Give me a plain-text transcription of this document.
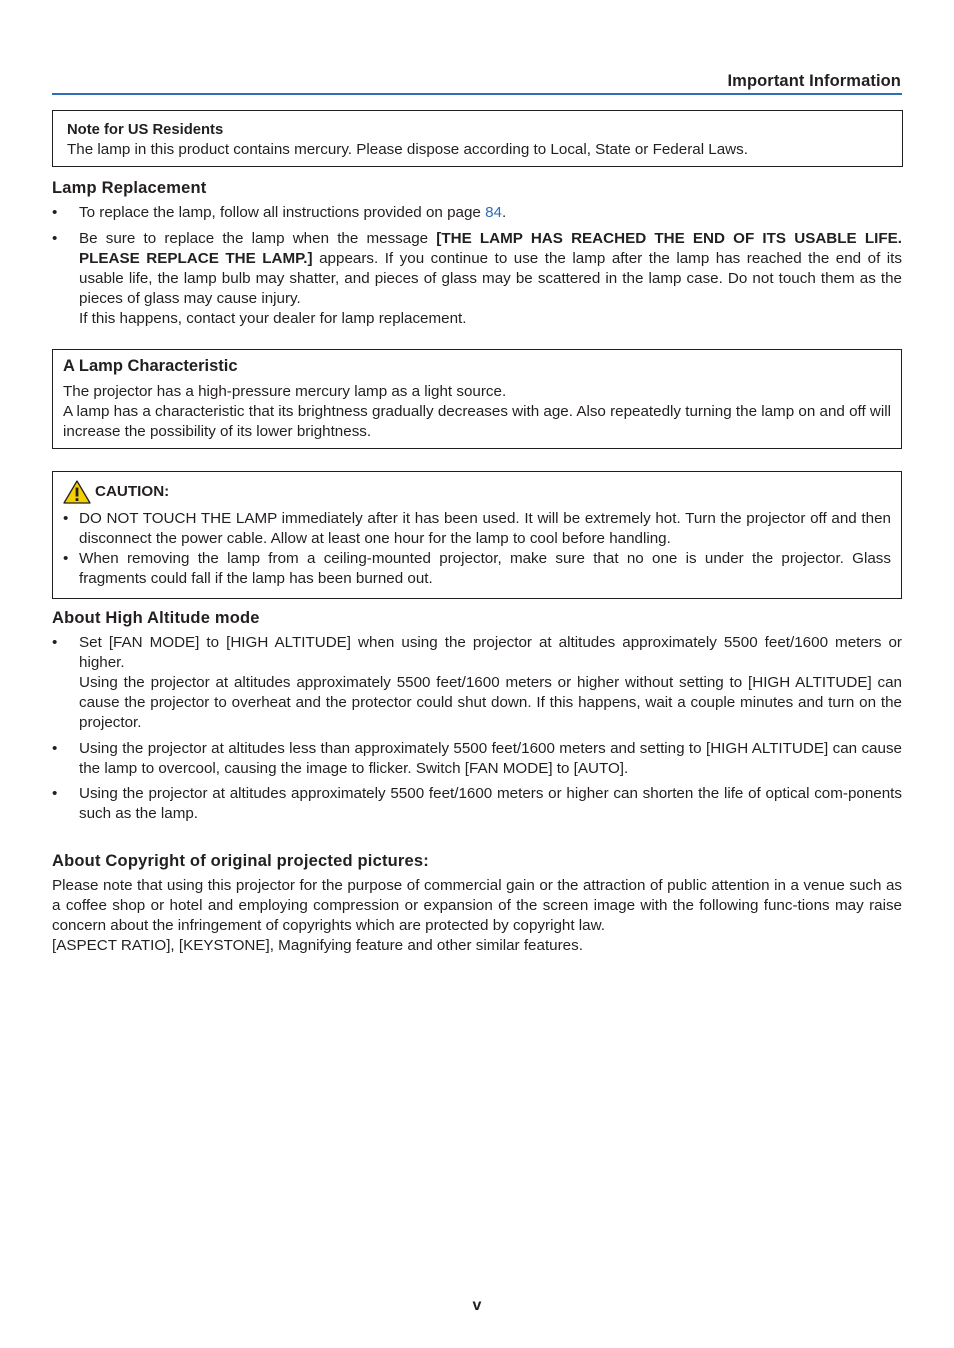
Important Information

Note for US Residents

The lamp in this product contains mercury. Please dispose according to Local, State or Federal Laws.

Lamp Replacement
•	To replace the lamp, follow all instructions provided on page 84.
•	Be sure to replace the lamp when the message [THE LAMP HAS REACHED THE END OF ITS USABLE LIFE.

PLEASE REPLACE THE LAMP.] appears. If you continue to use the lamp after the lamp has reached the end of its usable life, the lamp bulb may shatter, and pieces of glass may be scattered in the lamp case. Do not touch them as the pieces of glass may cause injury.

If this happens, contact your dealer for lamp replacement.

A Lamp Characteristic

The projector has a high-pressure mercury lamp as a light source.

A lamp has a characteristic that its brightness gradually decreases with age. Also repeatedly turning the lamp on and off will increase the possibility of its lower brightness.

CAUTION:
• DO NOT TOUCH THE LAMP immediately after it has been used. It will be extremely hot. Turn the projector off and then disconnect the power cable. Allow at least one hour for the lamp to cool before handling.
• When removing the lamp from a ceiling-mounted projector, make sure that no one is under the projector. Glass fragments could fall if the lamp has been burned out.
About High Altitude mode
•	Set [FAN MODE] to [HIGH ALTITUDE] when using the projector at altitudes approximately 5500 feet/1600 meters or higher.

Using the projector at altitudes approximately 5500 feet/1600 meters or higher without setting to [HIGH ALTITUDE] can cause the projector to overheat and the protector could shut down. If this happens, wait a couple minutes and turn on the projector.

•	Using the projector at altitudes less than approximately 5500 feet/1600 meters and setting to [HIGH ALTITUDE] can cause the lamp to overcool, causing the image to flicker. Switch [FAN MODE] to [AUTO].
•	Using the projector at altitudes approximately 5500 feet/1600 meters or higher can shorten the life of optical com-ponents such as the lamp.
About Copyright of original projected pictures:

Please note that using this projector for the purpose of commercial gain or the attraction of public attention in a venue such as a coffee shop or hotel and employing compression or expansion of the screen image with the following func-tions may raise concern about the infringement of copyrights which are protected by copyright law.

[ASPECT RATIO], [KEYSTONE], Magnifying feature and other similar features.

v
